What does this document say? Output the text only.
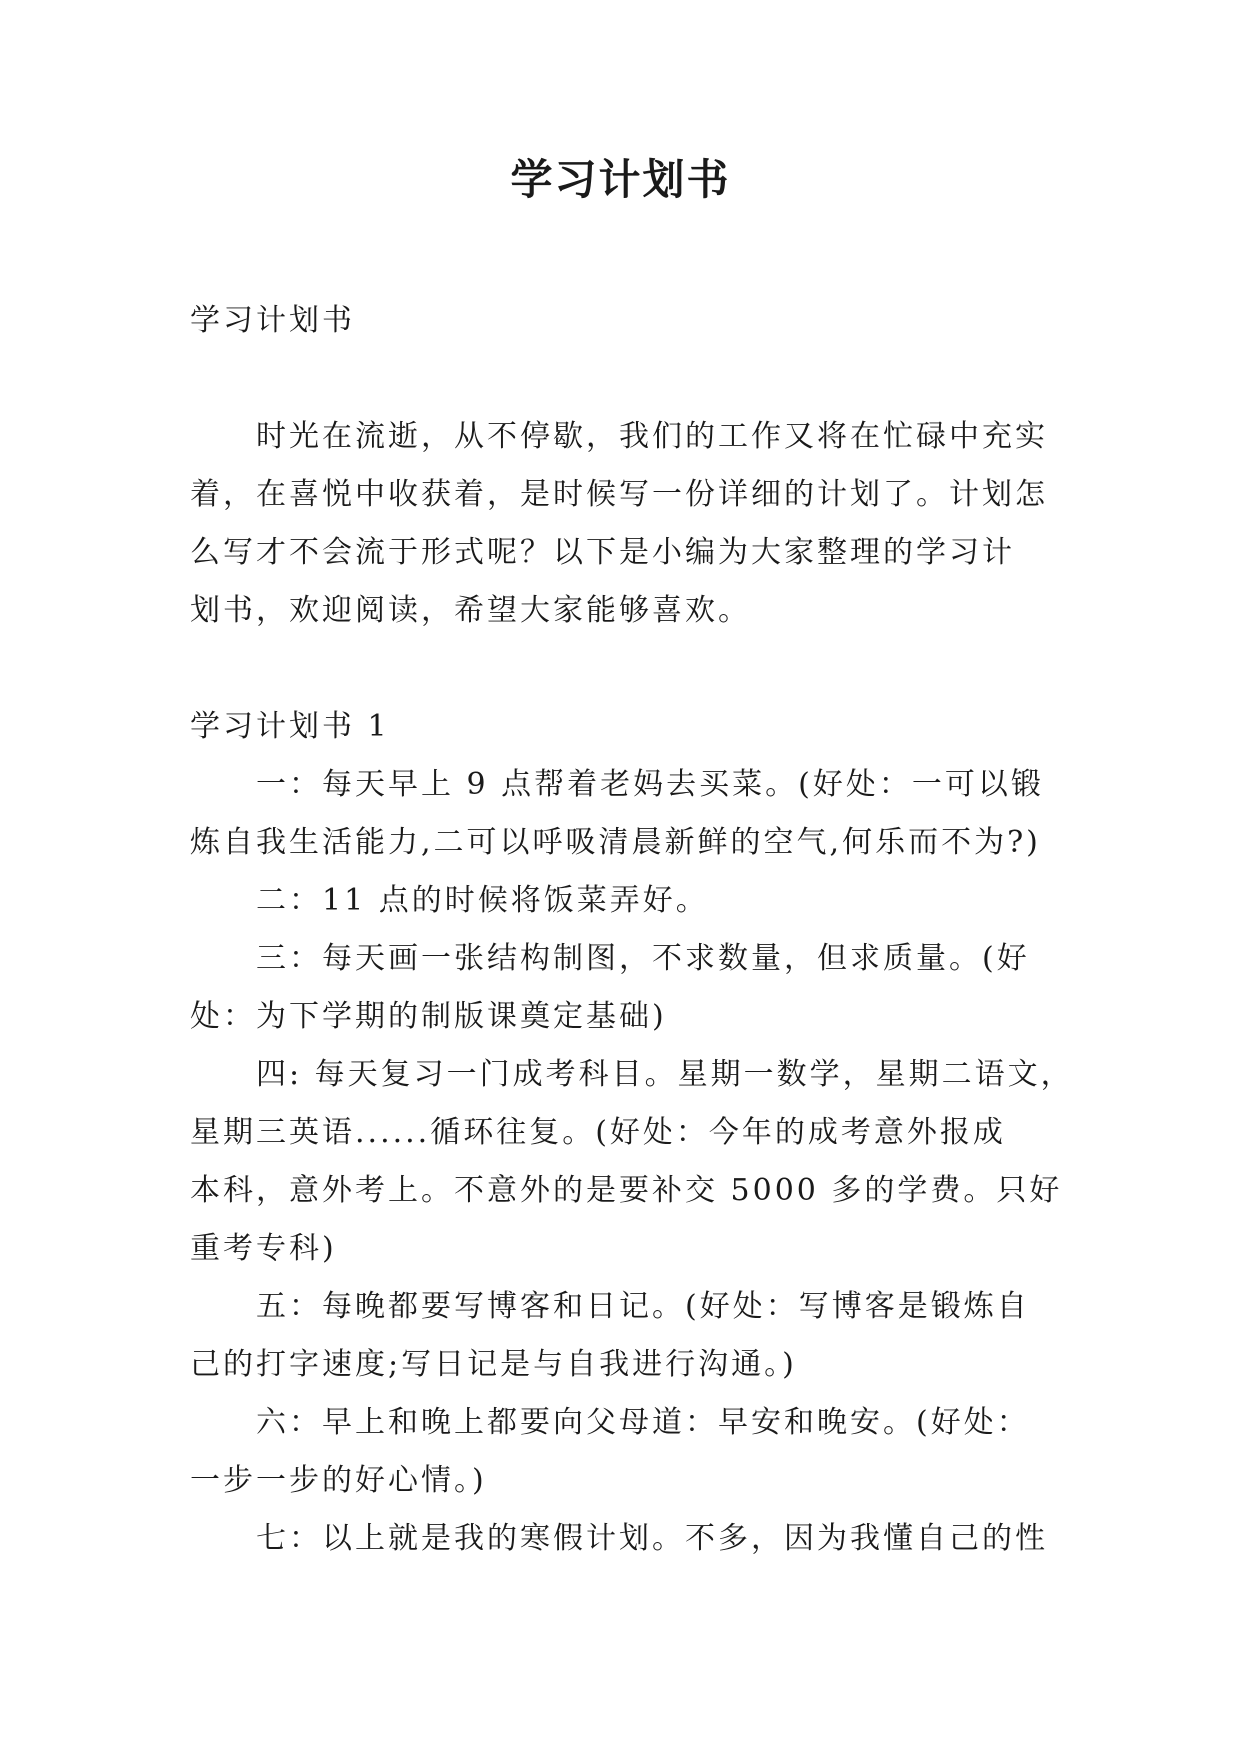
学习计划书

学习计划书

时光在流逝，从不停歇，我们的工作又将在忙碌中充实

着，在喜悦中收获着，是时候写一份详细的计划了。计划怎

么写才不会流于形式呢？以下是小编为大家整理的学习计

划书，欢迎阅读，希望大家能够喜欢。

学习计划书 1

一：每天早上 9 点帮着老妈去买菜。(好处：一可以锻

炼自我生活能力,二可以呼吸清晨新鲜的空气,何乐而不为?)

二：11 点的时候将饭菜弄好。

三：每天画一张结构制图，不求数量，但求质量。(好

处：为下学期的制版课奠定基础)

四: 每天复习一门成考科目。星期一数学，星期二语文，

星期三英语......循环往复。(好处：今年的成考意外报成

本科，意外考上。不意外的是要补交 5000 多的学费。只好

重考专科)

五：每晚都要写博客和日记。(好处：写博客是锻炼自

己的打字速度;写日记是与自我进行沟通。)

六：早上和晚上都要向父母道：早安和晚安。(好处：

一步一步的好心情。)

七：以上就是我的寒假计划。不多，因为我懂自己的性
